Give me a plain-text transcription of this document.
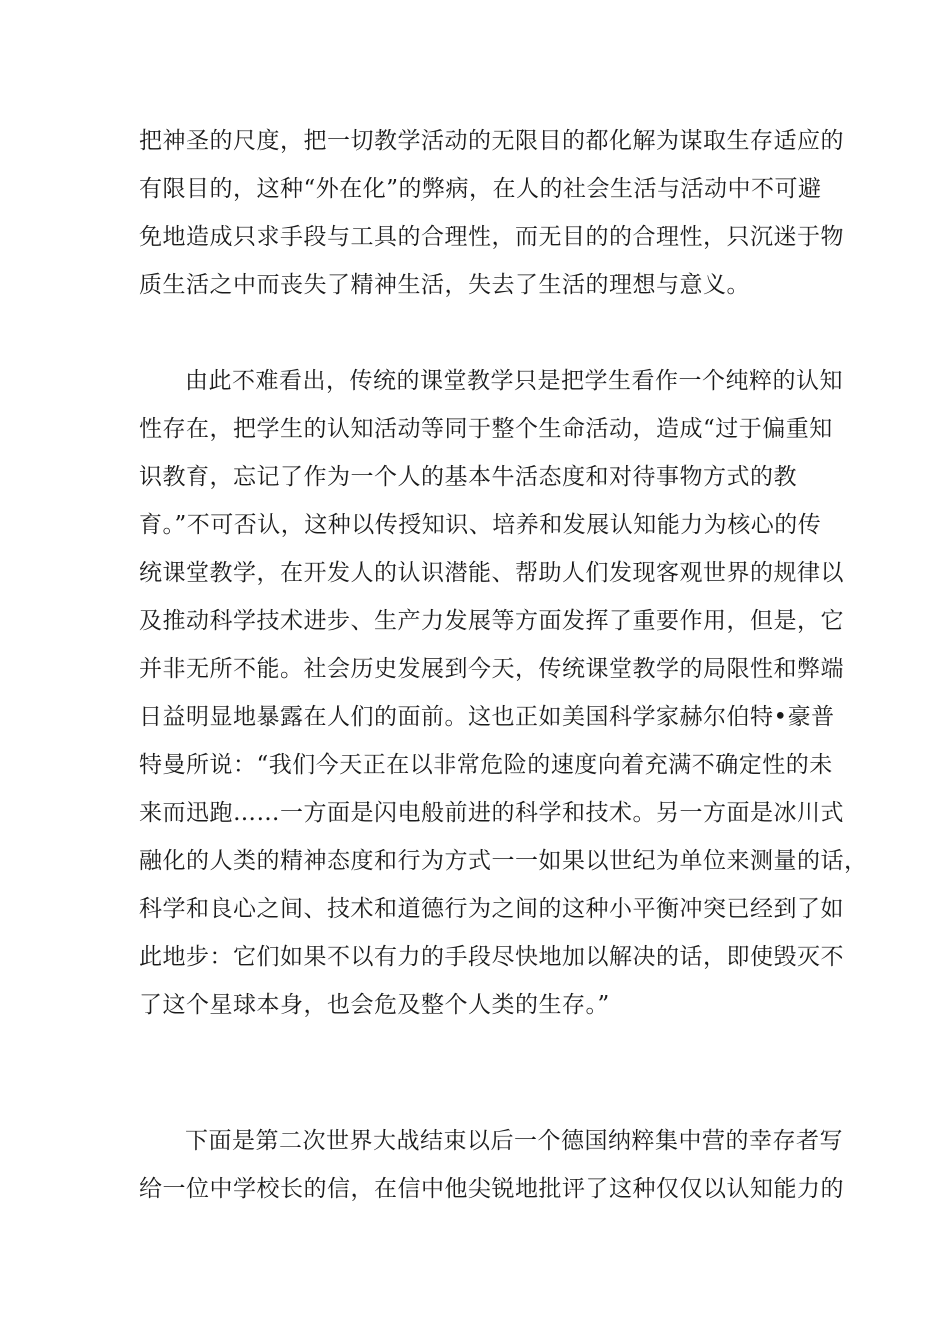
把神圣的尺度，把一切教学活动的无限目的都化解为谋取生存适应的
有限目的，这种“外在化”的弊病，在人的社会生活与活动中不可避
免地造成只求手段与工具的合理性，而无目的的合理性，只沉迷于物
质生活之中而丧失了精神生活，失去了生活的理想与意义。
由此不难看出，传统的课堂教学只是把学生看作一个纯粹的认知
性存在，把学生的认知活动等同于整个生命活动，造成“过于偏重知
识教育，忘记了作为一个人的基本牛活态度和对待事物方式的教
育。”不可否认，这种以传授知识、培养和发展认知能力为核心的传
统课堂教学，在开发人的认识潜能、帮助人们发现客观世界的规律以
及推动科学技术进步、生产力发展等方面发挥了重要作用，但是，它
并非无所不能。社会历史发展到今天，传统课堂教学的局限性和弊端
日益明显地暴露在人们的面前。这也正如美国科学家赫尔伯特•豪普
特曼所说：“我们今天正在以非常危险的速度向着充满不确定性的未
来而迅跑……一方面是闪电般前进的科学和技术。另一方面是冰川式
融化的人类的精神态度和行为方式一一如果以世纪为单位来测量的话，
科学和良心之间、技术和道德行为之间的这种小平衡冲突已经到了如
此地步：它们如果不以有力的手段尽快地加以解决的话，即使毁灭不
了这个星球本身，也会危及整个人类的生存。”
下面是第二次世界大战结束以后一个德国纳粹集中营的幸存者写
给一位中学校长的信，在信中他尖锐地批评了这种仅仅以认知能力的
